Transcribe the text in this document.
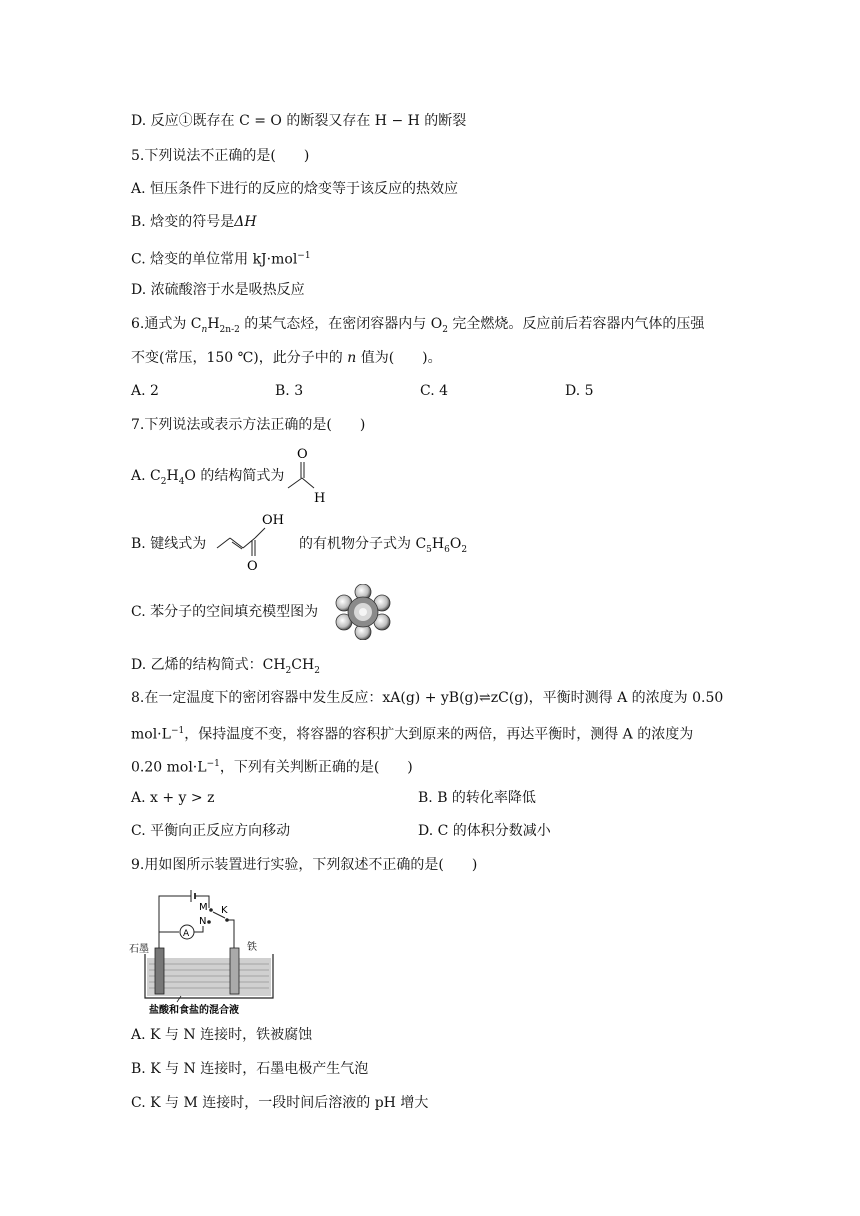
D. 反应①既存在 C = O 的断裂又存在 H − H 的断裂
5.下列说法不正确的是(　　)
A. 恒压条件下进行的反应的焓变等于该反应的热效应
B. 焓变的符号是ΔH
C. 焓变的单位常用 kJ·mol$^{-1}$
D. 浓硫酸溶于水是吸热反应
6.通式为 $C_nH_{2n-2}$ 的某气态烃，在密闭容器内与 $O_2$ 完全燃烧。反应前后若容器内气体的压强
不变(常压，150 ℃)，此分子中的 n 值为(　　)。
A. 2	B. 3	C. 4	D. 5
7.下列说法或表示方法正确的是(　　)
A. $C_2H_4O$ 的结构简式为
O
H
B. 键线式为
OH
O
的有机物分子式为 $C_5H_6O_2$
C. 苯分子的空间填充模型图为
D. 乙烯的结构简式：$CH_2CH_2$
8.在一定温度下的密闭容器中发生反应：xA(g) + yB(g)⇌zC(g)，平衡时测得 A 的浓度为 0.50
$mol\cdot L^{-1}$，保持温度不变，将容器的容积扩大到原来的两倍，再达平衡时，测得 A 的浓度为
0.20 $mol\cdot L^{-1}$，下列有关判断正确的是(　　)
A. x + y > z	B. B 的转化率降低
C. 平衡向正反应方向移动	D. C 的体积分数减小
9.用如图所示装置进行实验，下列叙述不正确的是(　　)
M K
A
N
石墨	铁
盐酸和食盐的混合液
A. K 与 N 连接时，铁被腐蚀
B. K 与 N 连接时，石墨电极产生气泡
C. K 与 M 连接时，一段时间后溶液的 pH 增大
